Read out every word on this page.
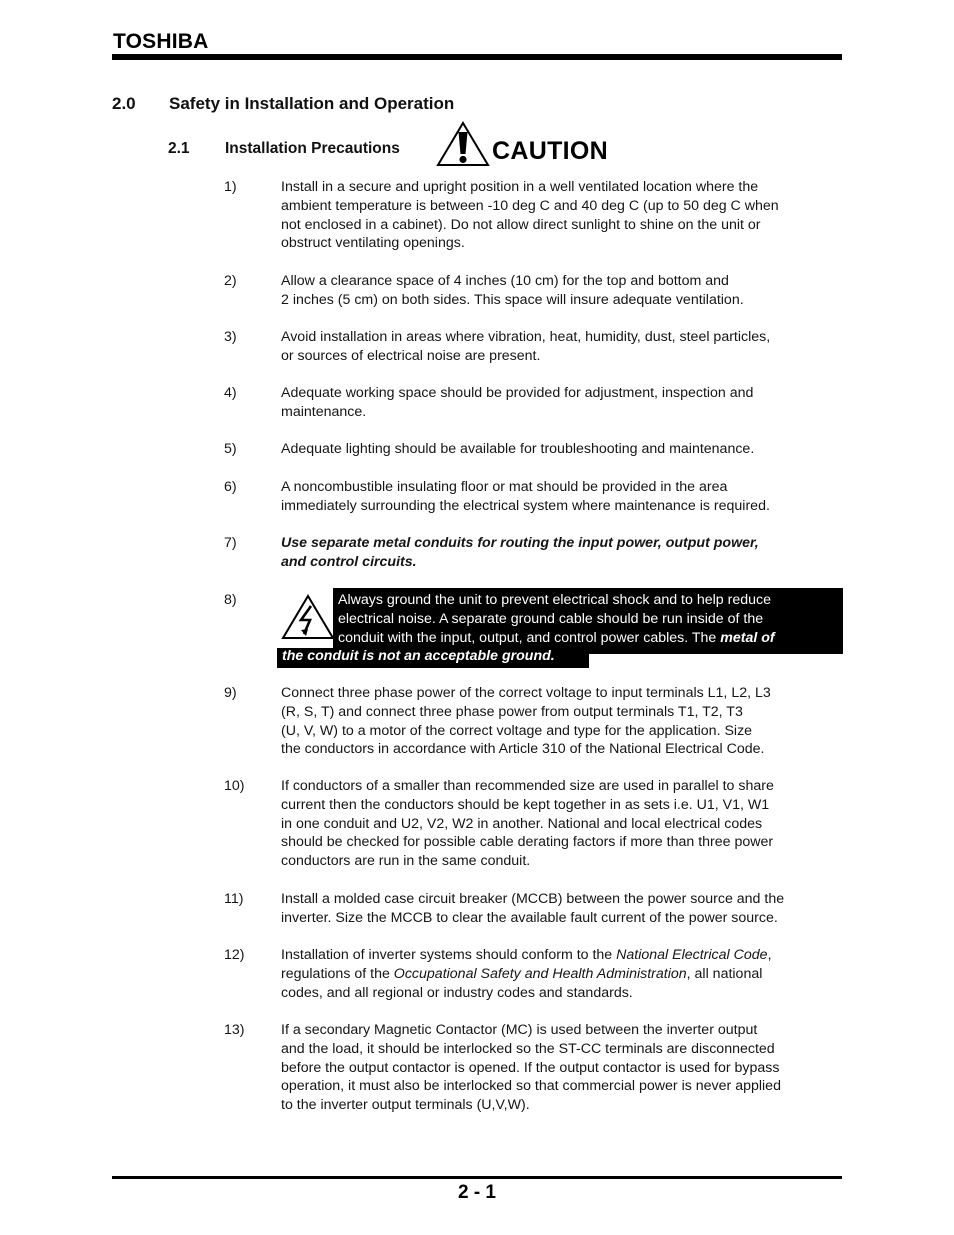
TOSHIBA
2.0 Safety in Installation and Operation
2.1 Installation Precautions	CAUTION
1)	Install in a secure and upright position in a well ventilated location where the
ambient temperature is between -10 deg C and 40 deg C (up to 50 deg C when
not enclosed in a cabinet). Do not allow direct sunlight to shine on the unit or
obstruct ventilating openings.
2)	Allow a clearance space of 4 inches (10 cm) for the top and bottom and
2 inches (5 cm) on both sides. This space will insure adequate ventilation.
3)	Avoid installation in areas where vibration, heat, humidity, dust, steel particles,
or sources of electrical noise are present.
4)	Adequate working space should be provided for adjustment, inspection and
maintenance.
5)	Adequate lighting should be available for troubleshooting and maintenance.
6)	A noncombustible insulating floor or mat should be provided in the area
immediately surrounding the electrical system where maintenance is required.
7)	Use separate metal conduits for routing the input power, output power,
and control circuits.
8)	Always ground the unit to prevent electrical shock and to help reduce
electrical noise. A separate ground cable should be run inside of the
conduit with the input, output, and control power cables. The metal of
the conduit is not an acceptable ground.
9)	Connect three phase power of the correct voltage to input terminals L1, L2, L3
(R, S, T) and connect three phase power from output terminals T1, T2, T3
(U, V, W) to a motor of the correct voltage and type for the application. Size
the conductors in accordance with Article 310 of the National Electrical Code.
10)	If conductors of a smaller than recommended size are used in parallel to share
current then the conductors should be kept together in as sets i.e. U1, V1, W1
in one conduit and U2, V2, W2 in another. National and local electrical codes
should be checked for possible cable derating factors if more than three power
conductors are run in the same conduit.
11)	Install a molded case circuit breaker (MCCB) between the power source and the
inverter. Size the MCCB to clear the available fault current of the power source.
12)	Installation of inverter systems should conform to the National Electrical Code,
regulations of the Occupational Safety and Health Administration, all national
codes, and all regional or industry codes and standards.
13)	If a secondary Magnetic Contactor (MC) is used between the inverter output
and the load, it should be interlocked so the ST-CC terminals are disconnected
before the output contactor is opened. If the output contactor is used for bypass
operation, it must also be interlocked so that commercial power is never applied
to the inverter output terminals (U,V,W).
2 - 1
